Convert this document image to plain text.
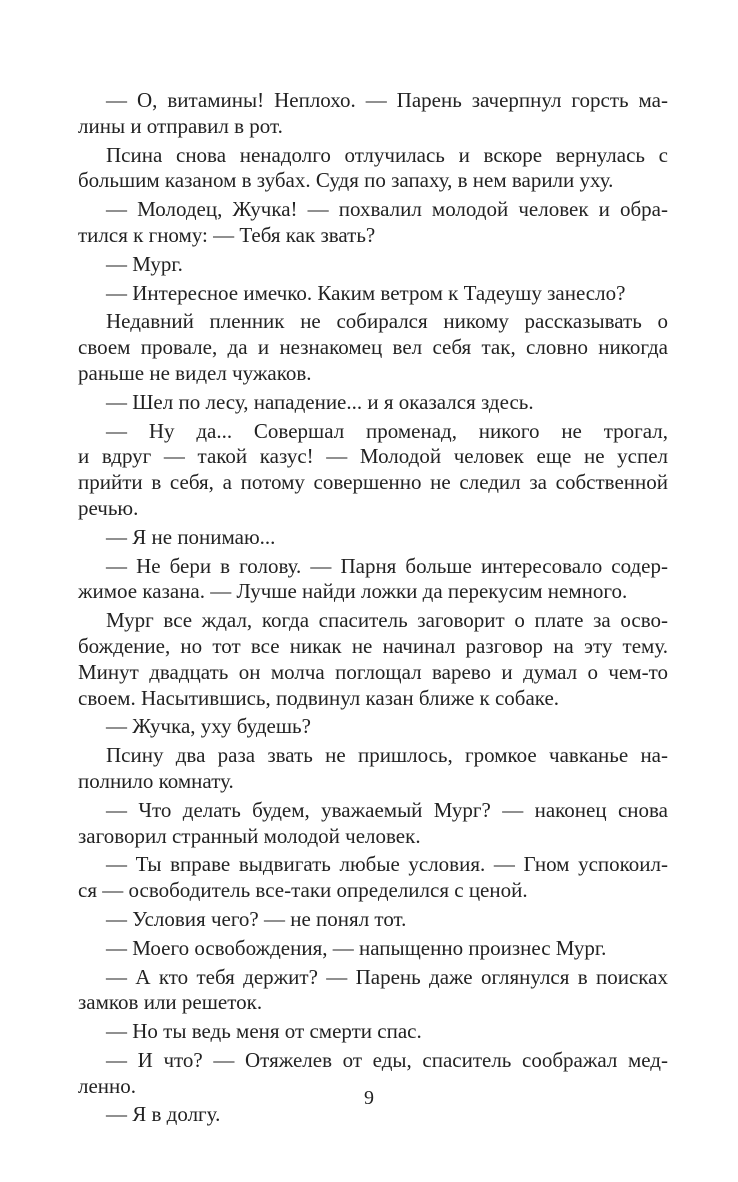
— О, витамины! Неплохо. — Парень зачерпнул горсть ма-
лины и отправил в рот.
Псина снова ненадолго отлучилась и вскоре вернулась с
большим казаном в зубах. Судя по запаху, в нем варили уху.
— Молодец, Жучка! — похвалил молодой человек и обра-
тился к гному: — Тебя как звать?
— Мург.
— Интересное имечко. Каким ветром к Тадеушу занесло?
Недавний пленник не собирался никому рассказывать о
своем провале, да и незнакомец вел себя так, словно никогда
раньше не видел чужаков.
— Шел по лесу, нападение... и я оказался здесь.
— Ну да... Совершал променад, никого не трогал,
и вдруг — такой казус! — Молодой человек еще не успел
прийти в себя, а потому совершенно не следил за собственной
речью.
— Я не понимаю...
— Не бери в голову. — Парня больше интересовало содер-
жимое казана. — Лучше найди ложки да перекусим немного.
Мург все ждал, когда спаситель заговорит о плате за осво-
бождение, но тот все никак не начинал разговор на эту тему.
Минут двадцать он молча поглощал варево и думал о чем-то
своем. Насытившись, подвинул казан ближе к собаке.
— Жучка, уху будешь?
Псину два раза звать не пришлось, громкое чавканье на-
полнило комнату.
— Что делать будем, уважаемый Мург? — наконец снова
заговорил странный молодой человек.
— Ты вправе выдвигать любые условия. — Гном успокоил-
ся — освободитель все-таки определился с ценой.
— Условия чего? — не понял тот.
— Моего освобождения, — напыщенно произнес Мург.
— А кто тебя держит? — Парень даже оглянулся в поисках
замков или решеток.
— Но ты ведь меня от смерти спас.
— И что? — Отяжелев от еды, спаситель соображал мед-
ленно.
— Я в долгу.
9
